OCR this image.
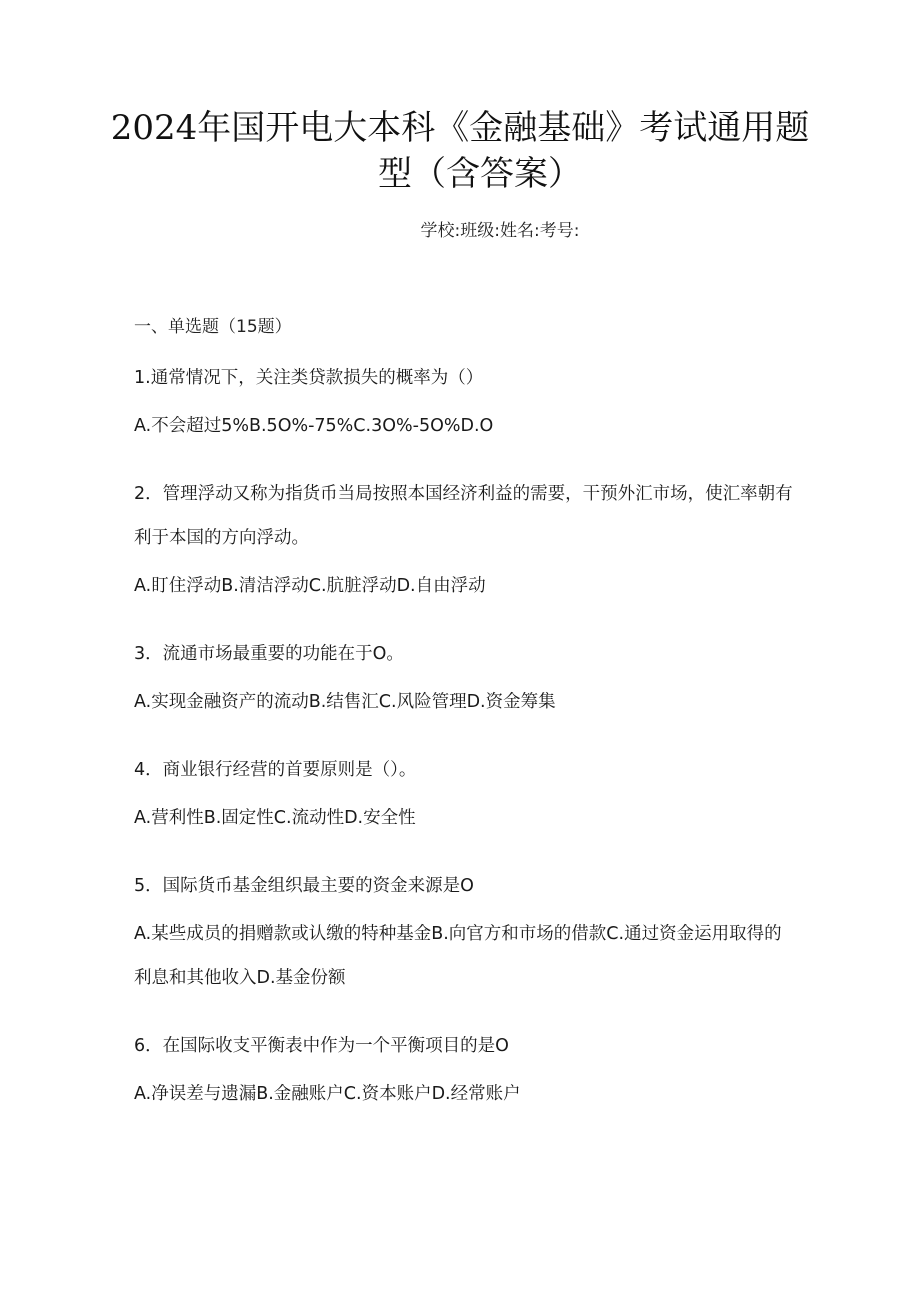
2024年国开电大本科《金融基础》考试通用题
型（含答案）
学校:班级:姓名:考号:
一、单选题（15题）
1.通常情况下，关注类贷款损失的概率为（）
A.不会超过5%B.5O%-75%C.3O%-5O%D.O
2．管理浮动又称为指货币当局按照本国经济利益的需要，干预外汇市场，使汇率朝有利于本国的方向浮动。
A.盯住浮动B.清洁浮动C.肮脏浮动D.自由浮动
3．流通市场最重要的功能在于O。
A.实现金融资产的流动B.结售汇C.风险管理D.资金筹集
4．商业银行经营的首要原则是（）。
A.营利性B.固定性C.流动性D.安全性
5．国际货币基金组织最主要的资金来源是O
A.某些成员的捐赠款或认缴的特种基金B.向官方和市场的借款C.通过资金运用取得的利息和其他收入D.基金份额
6．在国际收支平衡表中作为一个平衡项目的是O
A.净误差与遗漏B.金融账户C.资本账户D.经常账户
